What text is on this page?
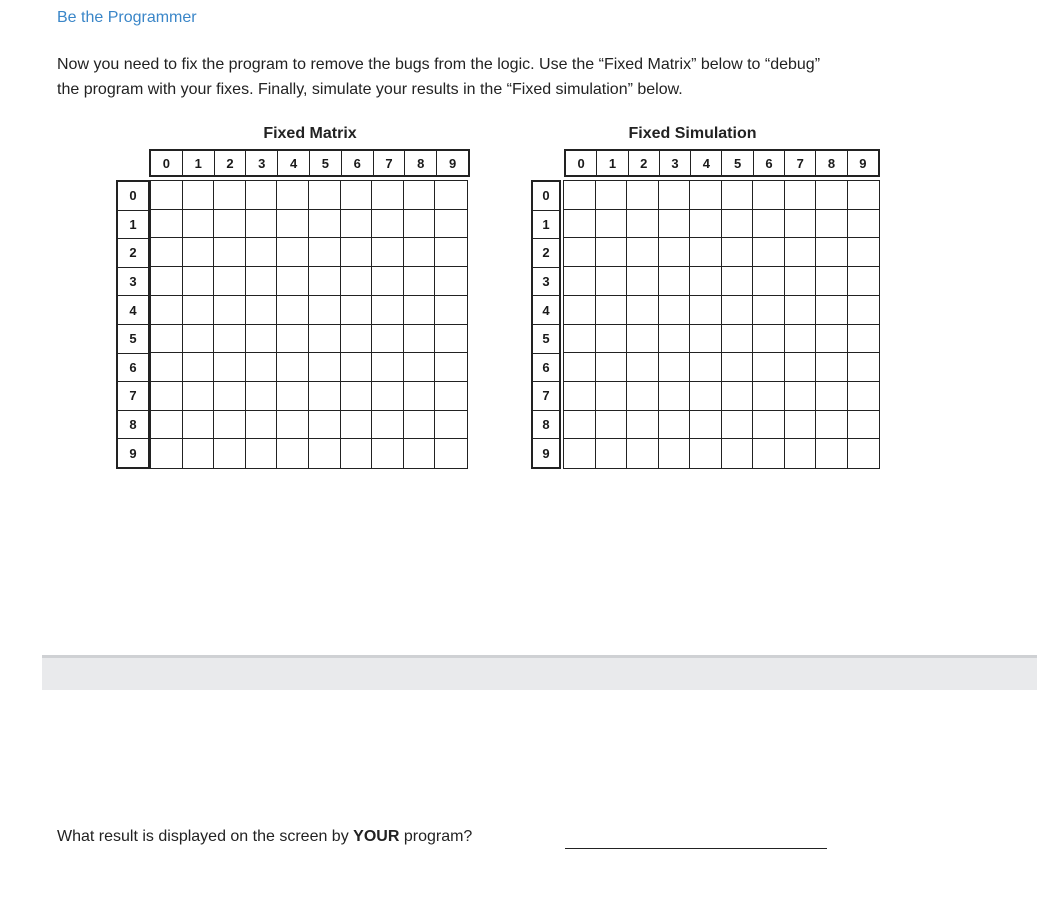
Be the Programmer
Now you need to fix the program to remove the bugs from the logic. Use the “Fixed Matrix” below to “debug”
the program with your fixes. Finally, simulate your results in the “Fixed simulation” below.
Fixed Matrix
0	1	2	3	4	5	6	7	8	9
0
1
2
3
4
5
6
7
8
9
Fixed Simulation
0	1	2	3	4	5	6	7	8	9
0
1
2
3
4
5
6
7
8
9
What result is displayed on the screen by YOUR program?
